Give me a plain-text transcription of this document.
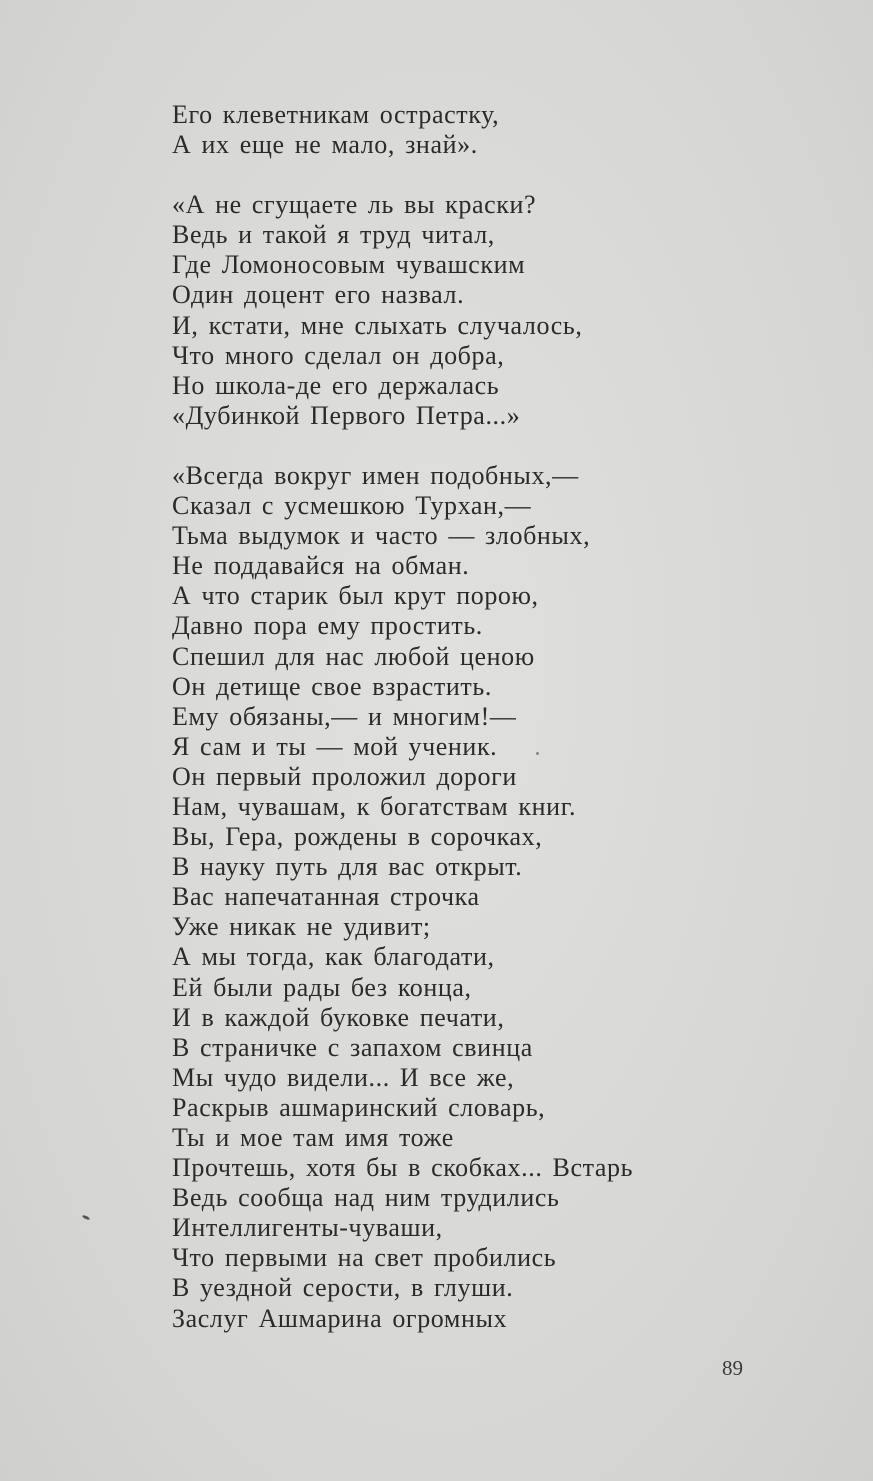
Его клеветникам острастку,
А их еще не мало, знай».
«А не сгущаете ль вы краски?
Ведь и такой я труд читал,
Где Ломоносовым чувашским
Один доцент его назвал.
И, кстати, мне слыхать случалось,
Что много сделал он добра,
Но школа-де его держалась
«Дубинкой Первого Петра...»
«Всегда вокруг имен подобных,—
Сказал с усмешкою Турхан,—
Тьма выдумок и часто — злобных,
Не поддавайся на обман.
А что старик был крут порою,
Давно пора ему простить.
Спешил для нас любой ценою
Он детище свое взрастить.
Ему обязаны,— и многим!—
Я сам и ты — мой ученик.
Он первый проложил дороги
Нам, чувашам, к богатствам книг.
Вы, Гера, рождены в сорочках,
В науку путь для вас открыт.
Вас напечатанная строчка
Уже никак не удивит;
А мы тогда, как благодати,
Ей были рады без конца,
И в каждой буковке печати,
В страничке с запахом свинца
Мы чудо видели... И все же,
Раскрыв ашмаринский словарь,
Ты и мое там имя тоже
Прочтешь, хотя бы в скобках... Встарь
Ведь сообща над ним трудились
Интеллигенты-чуваши,
Что первыми на свет пробились
В уездной серости, в глуши.
Заслуг Ашмарина огромных
89
